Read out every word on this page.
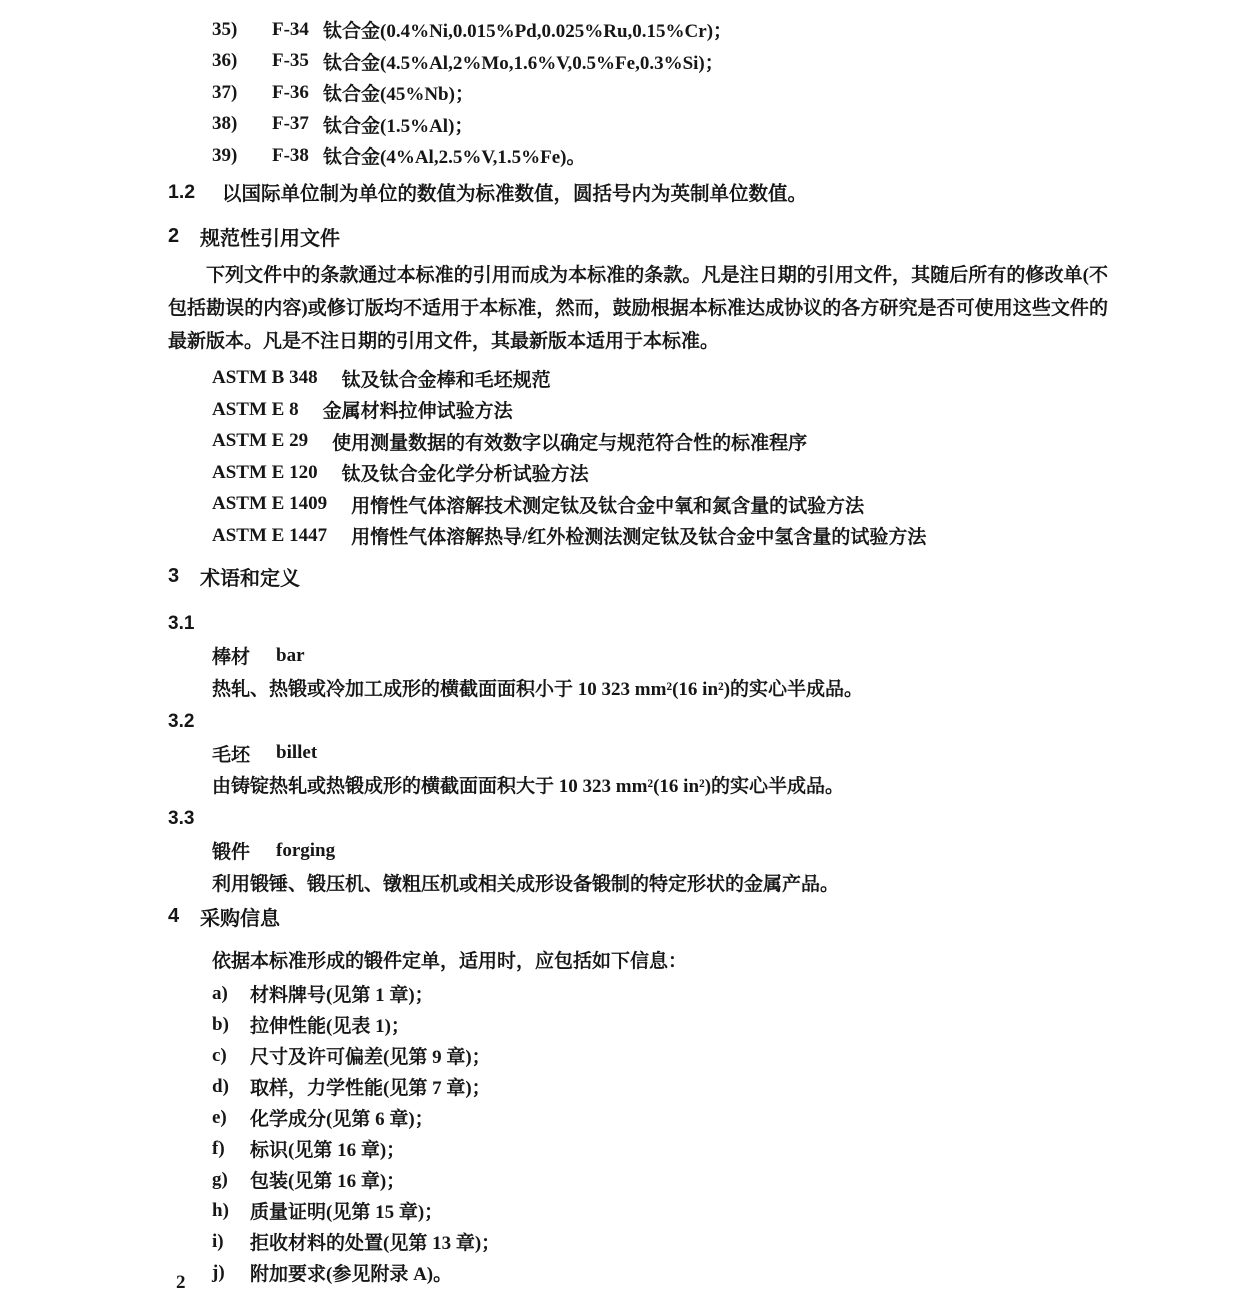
35)	F-34 钛合金(0.4%Ni,0.015%Pd,0.025%Ru,0.15%Cr)；
36)	F-35 钛合金(4.5%Al,2%Mo,1.6%V,0.5%Fe,0.3%Si)；
37)	F-36 钛合金(45%Nb)；
38)	F-37 钛合金(1.5%Al)；
39)	F-38 钛合金(4%Al,2.5%V,1.5%Fe)。
1.2	以国际单位制为单位的数值为标准数值，圆括号内为英制单位数值。
2	规范性引用文件

下列文件中的条款通过本标准的引用而成为本标准的条款。凡是注日期的引用文件，其随后所有的修改单(不包括勘误的内容)或修订版均不适用于本标准，然而，鼓励根据本标准达成协议的各方研究是否可使用这些文件的最新版本。凡是不注日期的引用文件，其最新版本适用于本标准。

ASTM B 348 钛及钛合金棒和毛坯规范
ASTM E 8 金属材料拉伸试验方法
ASTM E 29 使用测量数据的有效数字以确定与规范符合性的标准程序
ASTM E 120 钛及钛合金化学分析试验方法
ASTM E 1409 用惰性气体溶解技术测定钛及钛合金中氧和氮含量的试验方法
ASTM E 1447 用惰性气体溶解热导/红外检测法测定钛及钛合金中氢含量的试验方法
3	术语和定义
3.1
棒材 bar
热轧、热锻或冷加工成形的横截面面积小于 10 323 mm²(16 in²)的实心半成品。
3.2
毛坯 billet
由铸锭热轧或热锻成形的横截面面积大于 10 323 mm²(16 in²)的实心半成品。
3.3
锻件 forging
利用锻锤、锻压机、镦粗压机或相关成形设备锻制的特定形状的金属产品。
4	采购信息

依据本标准形成的锻件定单，适用时，应包括如下信息：

a)	材料牌号(见第 1 章)；
b)	拉伸性能(见表 1)；
c)	尺寸及许可偏差(见第 9 章)；
d)	取样，力学性能(见第 7 章)；
e)	化学成分(见第 6 章)；
f)	标识(见第 16 章)；
g)	包装(见第 16 章)；
h)	质量证明(见第 15 章)；
i)	拒收材料的处置(见第 13 章)；
j)	附加要求(参见附录 A)。
2
